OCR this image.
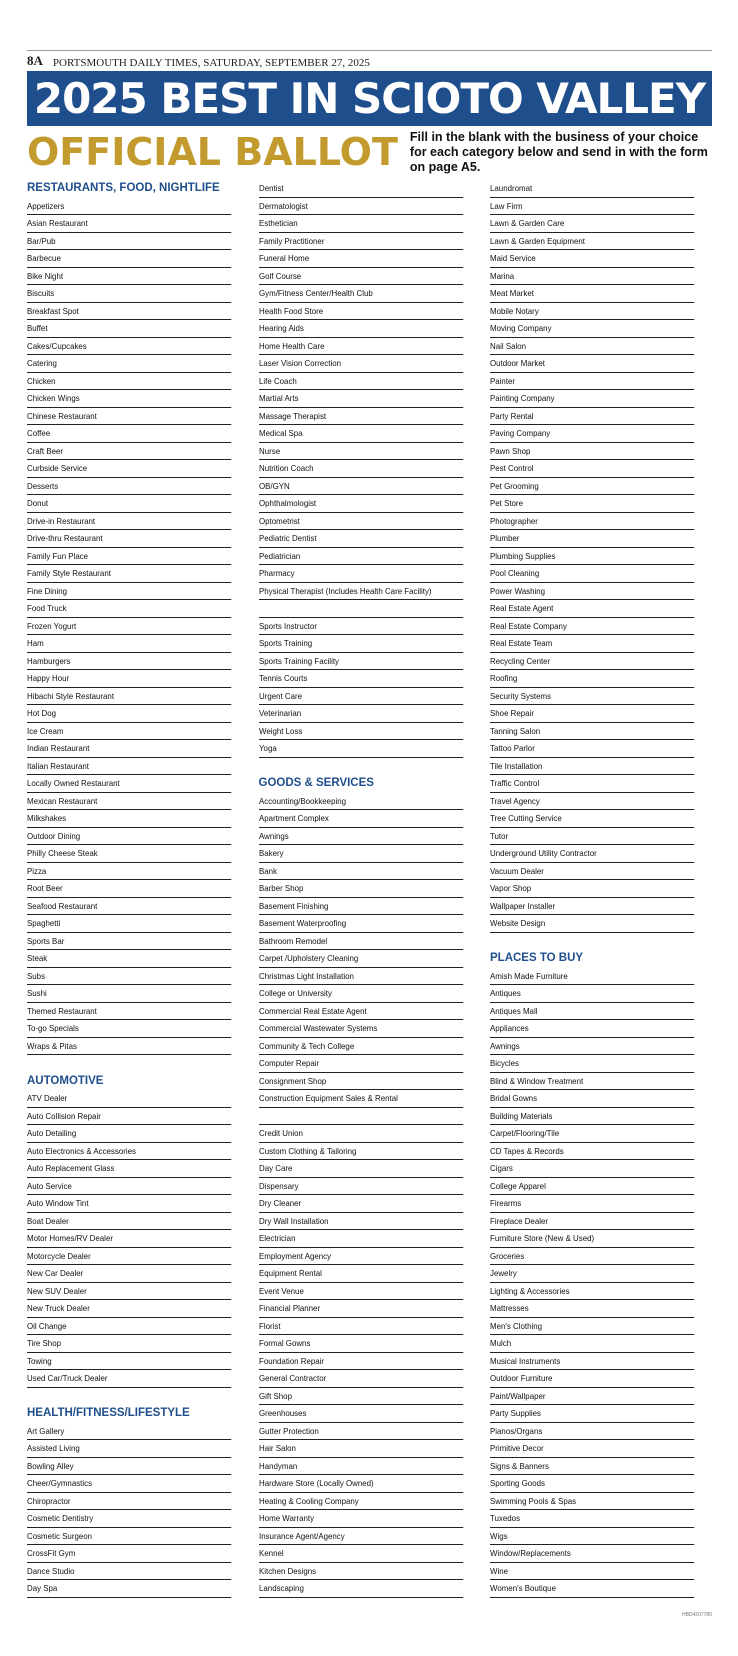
8A PORTSMOUTH DAILY TIMES, SATURDAY, SEPTEMBER 27, 2025
2025 BEST IN SCIOTO VALLEY
OFFICIAL BALLOT Fill in the blank with the business of your choice for each category below and send in with the form on page A5.
RESTAURANTS, FOOD, NIGHTLIFE
Appetizers
Asian Restaurant
Bar/Pub
Barbecue
Bike Night
Biscuits
Breakfast Spot
Buffet
Cakes/Cupcakes
Catering
Chicken
Chicken Wings
Chinese Restaurant
Coffee
Craft Beer
Curbside Service
Desserts
Donut
Drive-in Restaurant
Drive-thru Restaurant
Family Fun Place
Family Style Restaurant
Fine Dining
Food Truck
Frozen Yogurt
Ham
Hamburgers
Happy Hour
Hibachi Style Restaurant
Hot Dog
Ice Cream
Indian Restaurant
Italian Restaurant
Locally Owned Restaurant
Mexican Restaurant
Milkshakes
Outdoor Dining
Philly Cheese Steak
Pizza
Root Beer
Seafood Restaurant
Spaghetti
Sports Bar
Steak
Subs
Sushi
Themed Restaurant
To-go Specials
Wraps & Pitas
AUTOMOTIVE
ATV Dealer
Auto Collision Repair
Auto Detailing
Auto Electronics & Accessories
Auto Replacement Glass
Auto Service
Auto Window Tint
Boat Dealer
Motor Homes/RV Dealer
Motorcycle Dealer
New Car Dealer
New SUV Dealer
New Truck Dealer
Oil Change
Tire Shop
Towing
Used Car/Truck Dealer
HEALTH/FITNESS/LIFESTYLE
Art Gallery
Assisted Living
Bowling Alley
Cheer/Gymnastics
Chiropractor
Cosmetic Dentistry
Cosmetic Surgeon
CrossFit Gym
Dance Studio
Day Spa
Dentist
Dermatologist
Esthetician
Family Practitioner
Funeral Home
Golf Course
Gym/Fitness Center/Health Club
Health Food Store
Hearing Aids
Home Health Care
Laser Vision Correction
Life Coach
Martial Arts
Massage Therapist
Medical Spa
Nurse
Nutrition Coach
OB/GYN
Ophthalmologist
Optometrist
Pediatric Dentist
Pediatrician
Pharmacy
Physical Therapist (Includes Health Care Facility)
Sports Instructor
Sports Training
Sports Training Facility
Tennis Courts
Urgent Care
Veterinarian
Weight Loss
Yoga
GOODS & SERVICES
Accounting/Bookkeeping
Apartment Complex
Awnings
Bakery
Bank
Barber Shop
Basement Finishing
Basement Waterproofing
Bathroom Remodel
Carpet /Upholstery Cleaning
Christmas Light Installation
College or University
Commercial Real Estate Agent
Commercial Wastewater Systems
Community & Tech College
Computer Repair
Consignment Shop
Construction Equipment Sales & Rental
Credit Union
Custom Clothing & Tailoring
Day Care
Dispensary
Dry Cleaner
Dry Wall Installation
Electrician
Employment Agency
Equipment Rental
Event Venue
Financial Planner
Florist
Formal Gowns
Foundation Repair
General Contractor
Gift Shop
Greenhouses
Gutter Protection
Hair Salon
Handyman
Hardware Store (Locally Owned)
Heating & Cooling Company
Home Warranty
Insurance Agent/Agency
Kennel
Kitchen Designs
Landscaping
Laundromat
Law Firm
Lawn & Garden Care
Lawn & Garden Equipment
Maid Service
Marina
Meat Market
Mobile Notary
Moving Company
Nail Salon
Outdoor Market
Painter
Painting Company
Party Rental
Paving Company
Pawn Shop
Pest Control
Pet Grooming
Pet Store
Photographer
Plumber
Plumbing Supplies
Pool Cleaning
Power Washing
Real Estate Agent
Real Estate Company
Real Estate Team
Recycling Center
Roofing
Security Systems
Shoe Repair
Tanning Salon
Tattoo Parlor
Tile Installation
Traffic Control
Travel Agency
Tree Cutting Service
Tutor
Underground Utility Contractor
Vacuum Dealer
Vapor Shop
Wallpaper Installer
Website Design
PLACES TO BUY
Amish Made Furniture
Antiques
Antiques Mall
Appliances
Awnings
Bicycles
Blind & Window Treatment
Bridal Gowns
Building Materials
Carpet/Flooring/Tile
CD Tapes & Records
Cigars
College Apparel
Firearms
Fireplace Dealer
Furniture Store (New & Used)
Groceries
Jewelry
Lighting & Accessories
Mattresses
Men's Clothing
Mulch
Musical Instruments
Outdoor Furniture
Paint/Wallpaper
Party Supplies
Pianos/Organs
Primitive Decor
Signs & Banners
Sporting Goods
Swimming Pools & Spas
Tuxedos
Wigs
Window/Replacements
Wine
Women's Boutique
HBD4207780
